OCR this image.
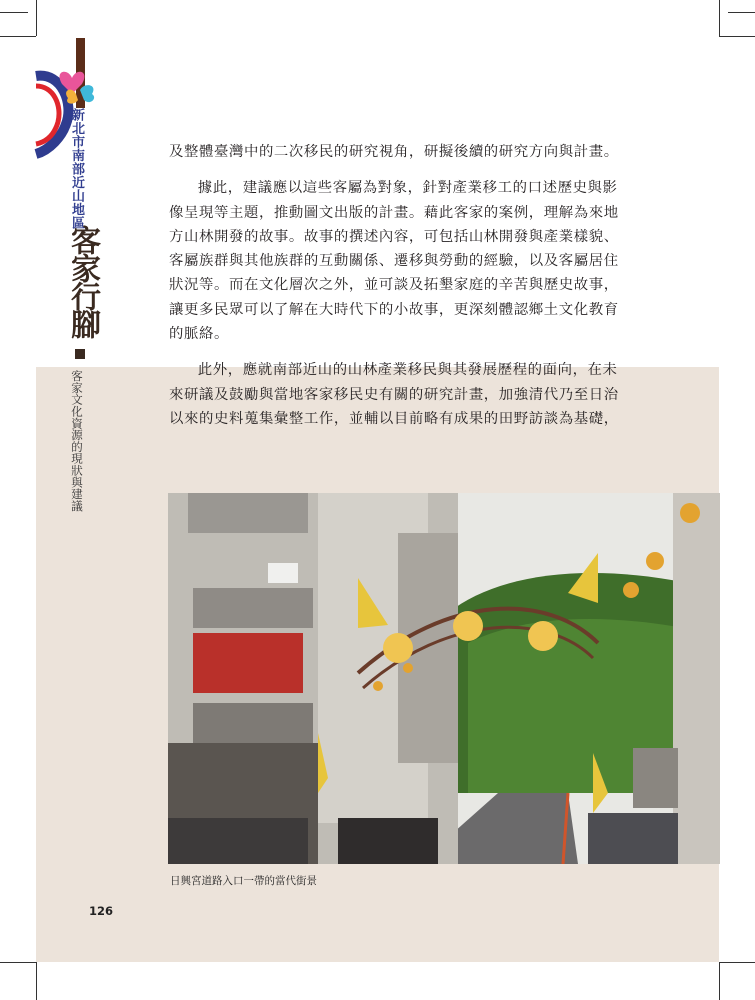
新北市南部近山地區
客家行腳
客家文化資源的現狀與建議

及整體臺灣中的二次移民的研究視角，研擬後續的研究方向與計畫。

據此，建議應以這些客屬為對象，針對產業移工的口述歷史與影像呈現等主題，推動圖文出版的計畫。藉此客家的案例，理解為來地方山林開發的故事。故事的撰述內容，可包括山林開發與產業樣貌、客屬族群與其他族群的互動關係、遷移與勞動的經驗，以及客屬居住狀況等。而在文化層次之外，並可談及拓墾家庭的辛苦與歷史故事，讓更多民眾可以了解在大時代下的小故事，更深刻體認鄉土文化教育的脈絡。

此外，應就南部近山的山林產業移民與其發展歷程的面向，在未來研議及鼓勵與當地客家移民史有關的研究計畫，加強清代乃至日治以來的史料蒐集彙整工作，並輔以目前略有成果的田野訪談為基礎，

日興宮道路入口一帶的當代街景
126
